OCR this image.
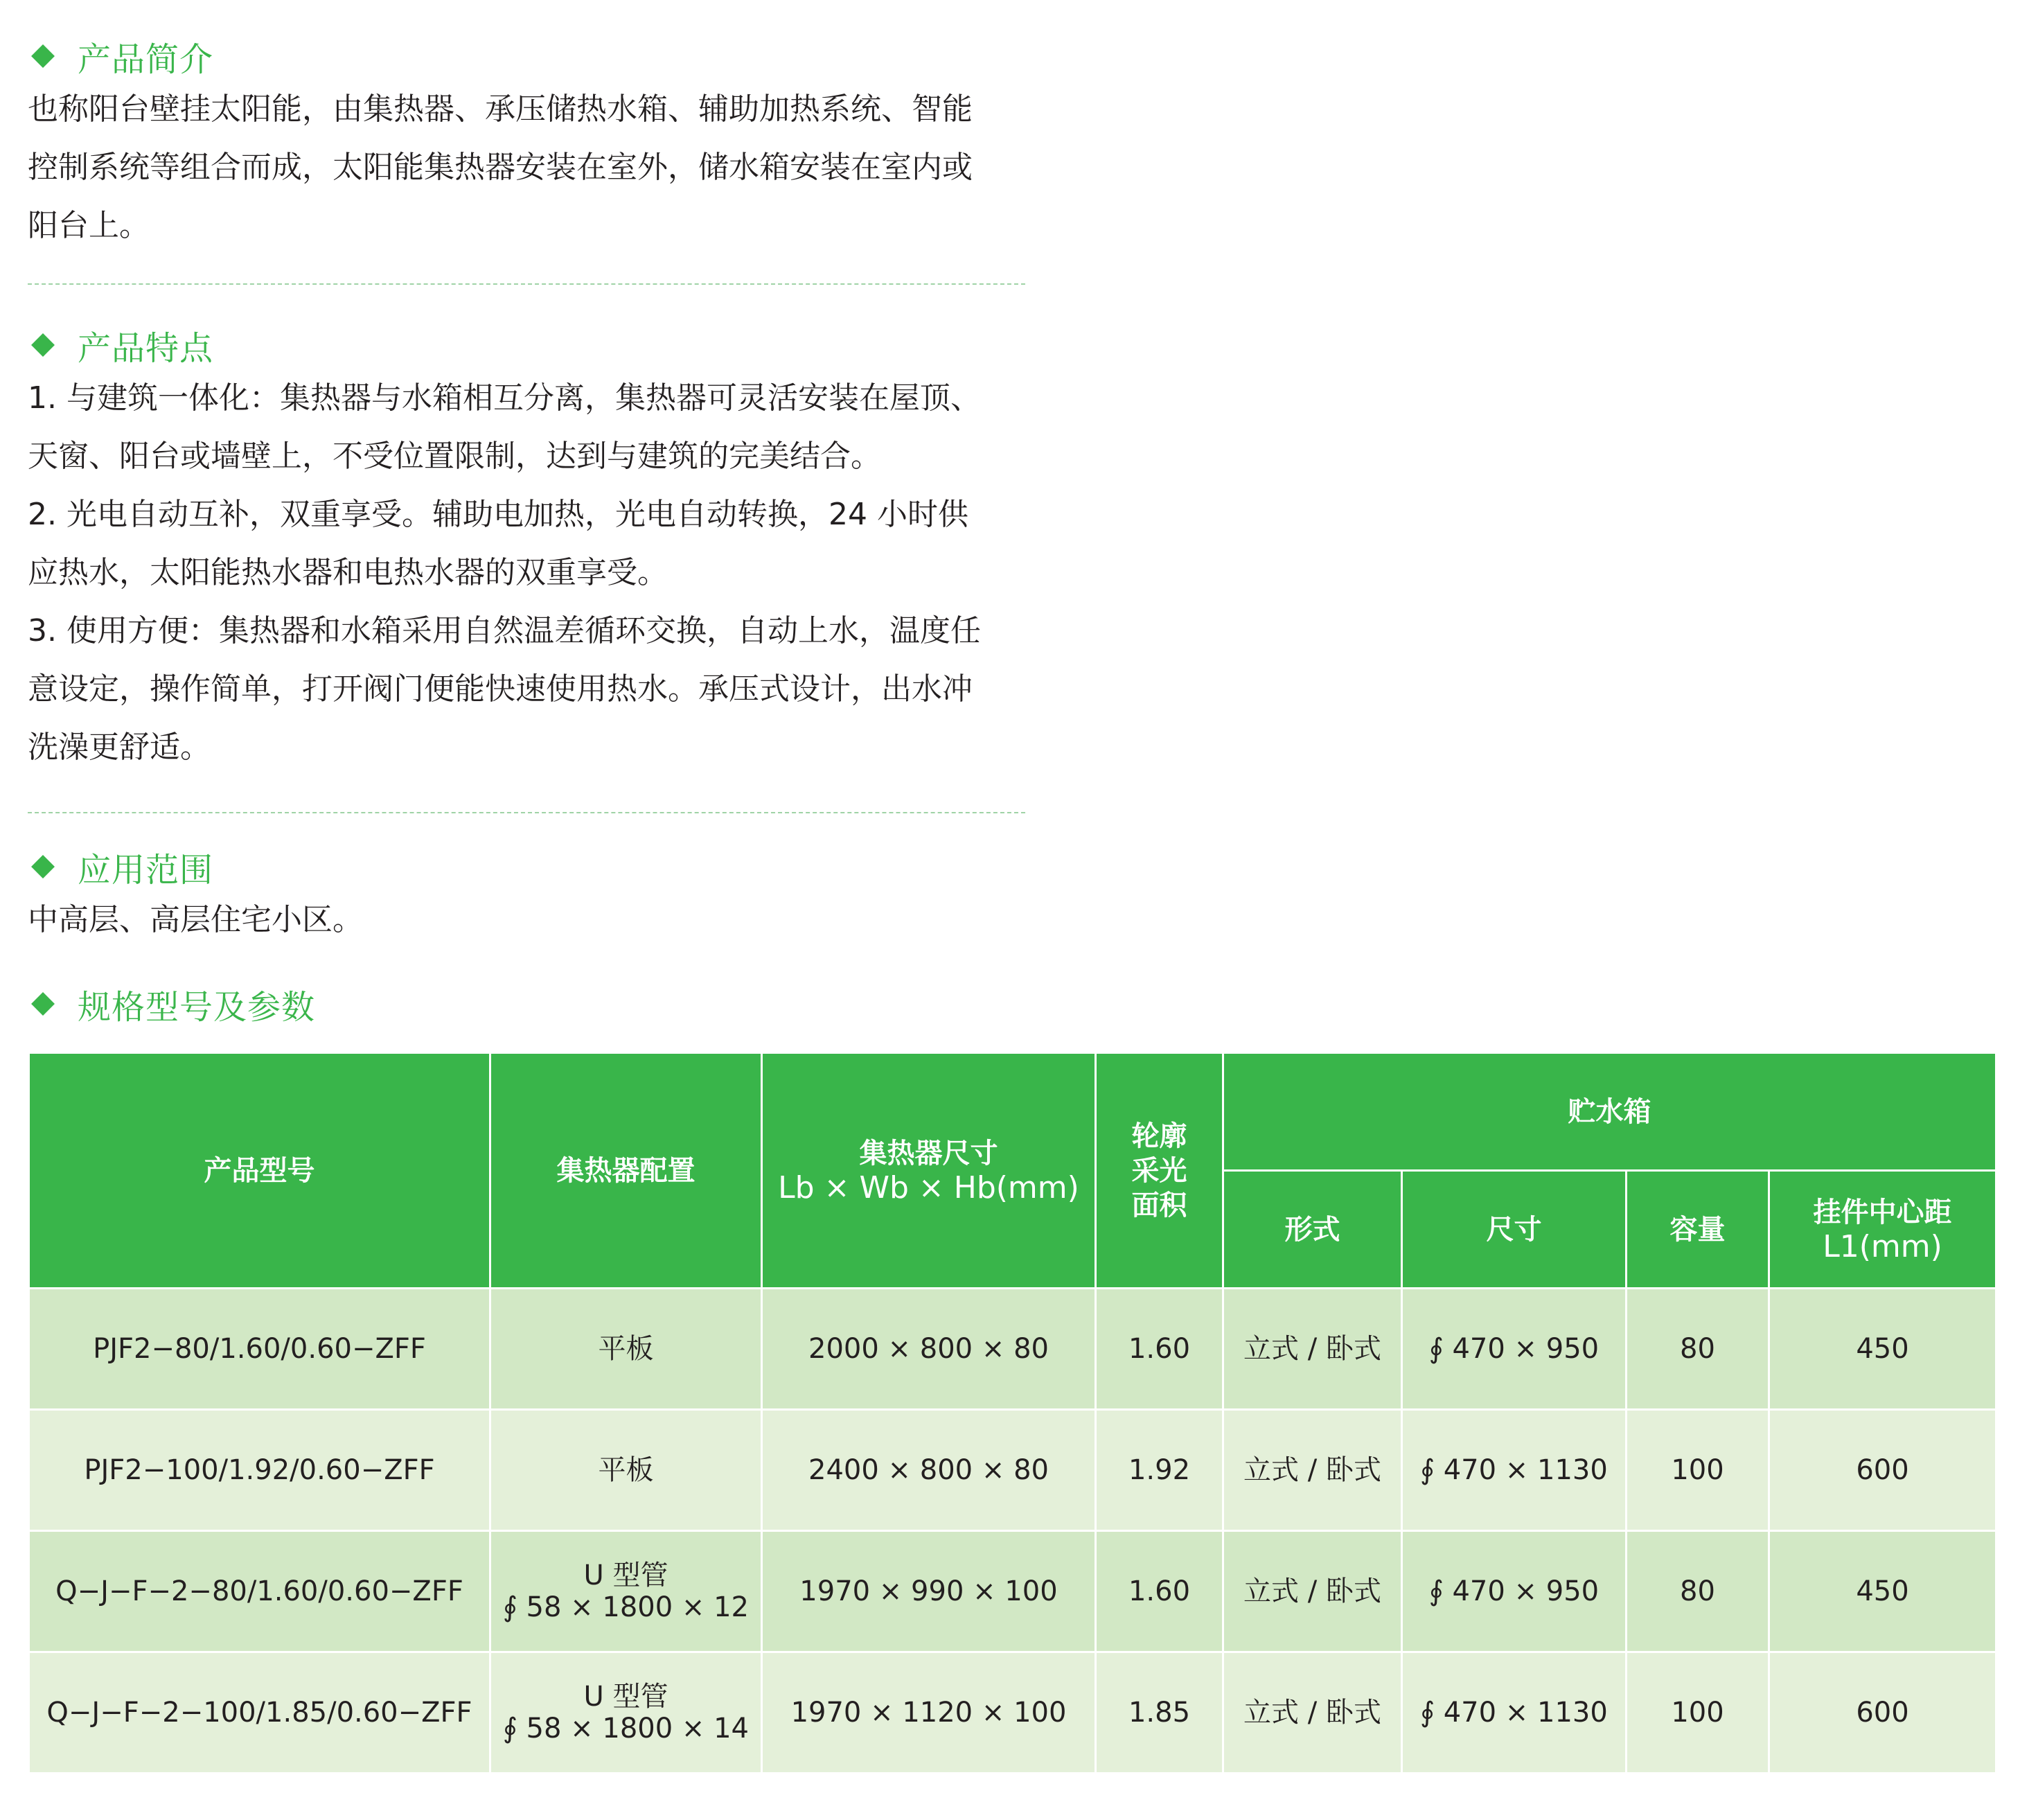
产品简介

也称阳台壁挂太阳能，由集热器、承压储热水箱、辅助加热系统、智能

控制系统等组合而成，太阳能集热器安装在室外，储水箱安装在室内或

阳台上。

产品特点

1. 与建筑一体化：集热器与水箱相互分离，集热器可灵活安装在屋顶、

天窗、阳台或墙壁上，不受位置限制，达到与建筑的完美结合。

2. 光电自动互补，双重享受。辅助电加热，光电自动转换，24 小时供

应热水，太阳能热水器和电热水器的双重享受。

3. 使用方便：集热器和水箱采用自然温差循环交换，自动上水，温度任

意设定，操作简单，打开阀门便能快速使用热水。承压式设计，出水冲

洗澡更舒适。

应用范围

中高层、高层住宅小区。

规格型号及参数
产品型号	集热器配置	集热器尺寸
Lb × Wb × Hb(mm)	轮廓
采光
面积	贮水箱			
				形式	尺寸	容量	挂件中心距
L1(mm)

PJF2−80/1.60/0.60−ZFF	平板	2000 × 800 × 80	1.60	立式 / 卧式	∮ 470 × 950	80	450
PJF2−100/1.92/0.60−ZFF	平板	2400 × 800 × 80	1.92	立式 / 卧式	∮ 470 × 1130	100	600
Q−J−F−2−80/1.60/0.60−ZFF	U 型管
∮ 58 × 1800 × 12	1970 × 990 × 100	1.60	立式 / 卧式	∮ 470 × 950	80	450
Q−J−F−2−100/1.85/0.60−ZFF	U 型管
∮ 58 × 1800 × 14	1970 × 1120 × 100	1.85	立式 / 卧式	∮ 470 × 1130	100	600
